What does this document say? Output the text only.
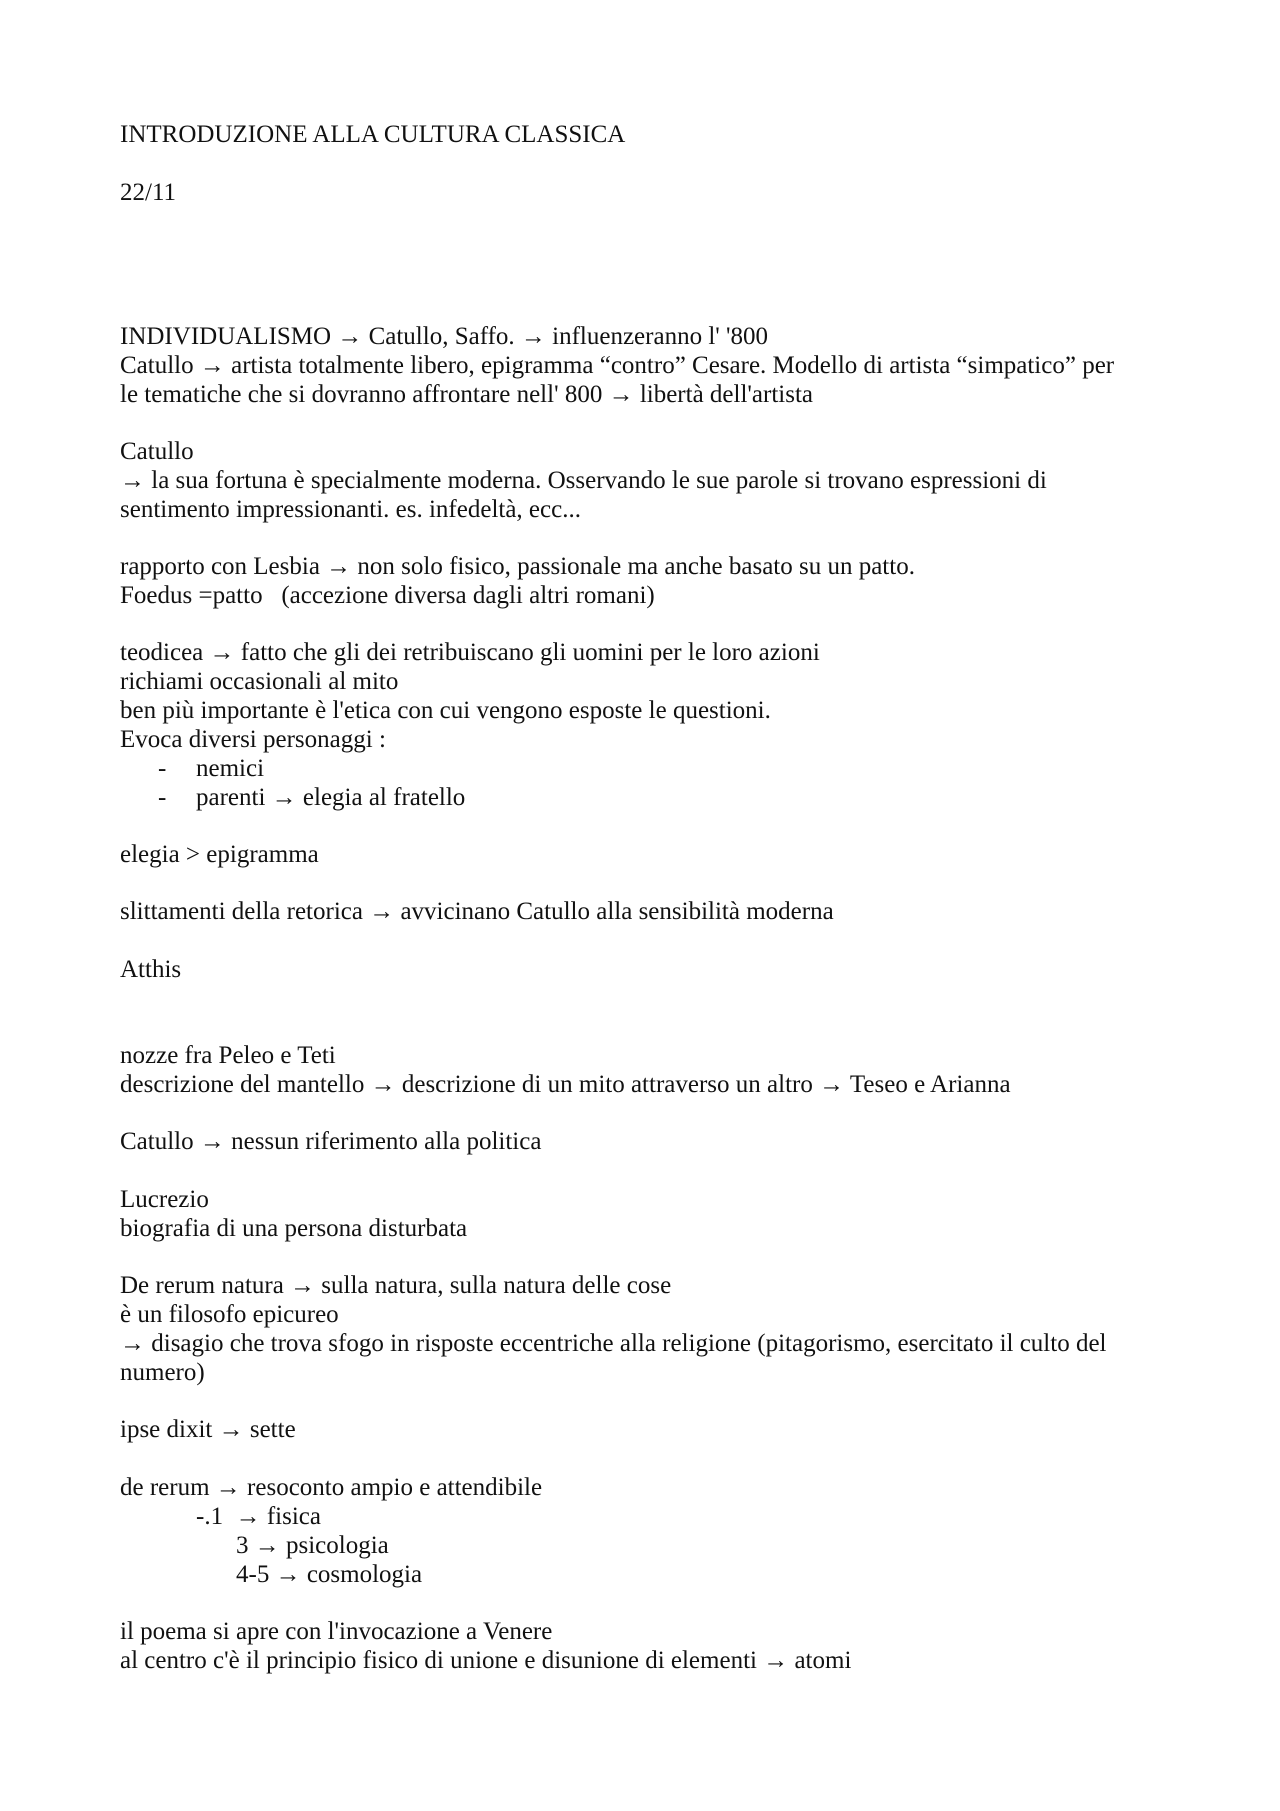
INTRODUZIONE ALLA CULTURA CLASSICA
22/11
INDIVIDUALISMO → Catullo, Saffo. → influenzeranno l' '800
Catullo → artista totalmente libero, epigramma “contro” Cesare. Modello di artista “simpatico” per
le tematiche che si dovranno affrontare nell' 800 → libertà dell'artista
Catullo
→ la sua fortuna è specialmente moderna. Osservando le sue parole si trovano espressioni di
sentimento impressionanti. es. infedeltà, ecc...
rapporto con Lesbia → non solo fisico, passionale ma anche basato su un patto.
Foedus =patto   (accezione diversa dagli altri romani)
teodicea → fatto che gli dei retribuiscano gli uomini per le loro azioni
richiami occasionali al mito
ben più importante è l'etica con cui vengono esposte le questioni.
Evoca diversi personaggi :
- nemici
- parenti → elegia al fratello
elegia > epigramma
slittamenti della retorica → avvicinano Catullo alla sensibilità moderna
Atthis
nozze fra Peleo e Teti
descrizione del mantello → descrizione di un mito attraverso un altro → Teseo e Arianna
Catullo → nessun riferimento alla politica
Lucrezio
biografia di una persona disturbata
De rerum natura → sulla natura, sulla natura delle cose
è un filosofo epicureo
→ disagio che trova sfogo in risposte eccentriche alla religione (pitagorismo, esercitato il culto del
numero)
ipse dixit → sette
de rerum → resoconto ampio e attendibile
-.1  → fisica
3 → psicologia
4-5 → cosmologia
il poema si apre con l'invocazione a Venere
al centro c'è il principio fisico di unione e disunione di elementi → atomi
